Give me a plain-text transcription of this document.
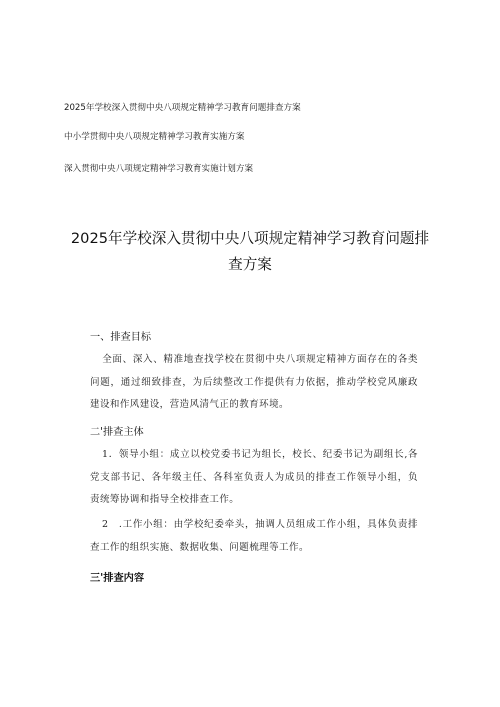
2025年学校深入贯彻中央八项规定精神学习教育问题排查方案
中小学贯彻中央八项规定精神学习教育实施方案
深入贯彻中央八项规定精神学习教育实施计划方案
2025年学校深入贯彻中央八项规定精神学习教育问题排
查方案
一、排查目标
全面、深入、精准地查找学校在贯彻中央八项规定精神方面存在的各类问题，通过细致排查，为后续整改工作提供有力依据，推动学校党风廉政建设和作风建设，营造风清气正的教育环境。
二'排查主体
1．领导小组：成立以校党委书记为组长，校长、纪委书记为副组长,各党支部书记、各年级主任、各科室负责人为成员的排查工作领导小组，负责统筹协调和指导全校排查工作。
2　.工作小组：由学校纪委牵头，抽调人员组成工作小组，具体负责排查工作的组织实施、数据收集、问题梳理等工作。
三'排查内容
